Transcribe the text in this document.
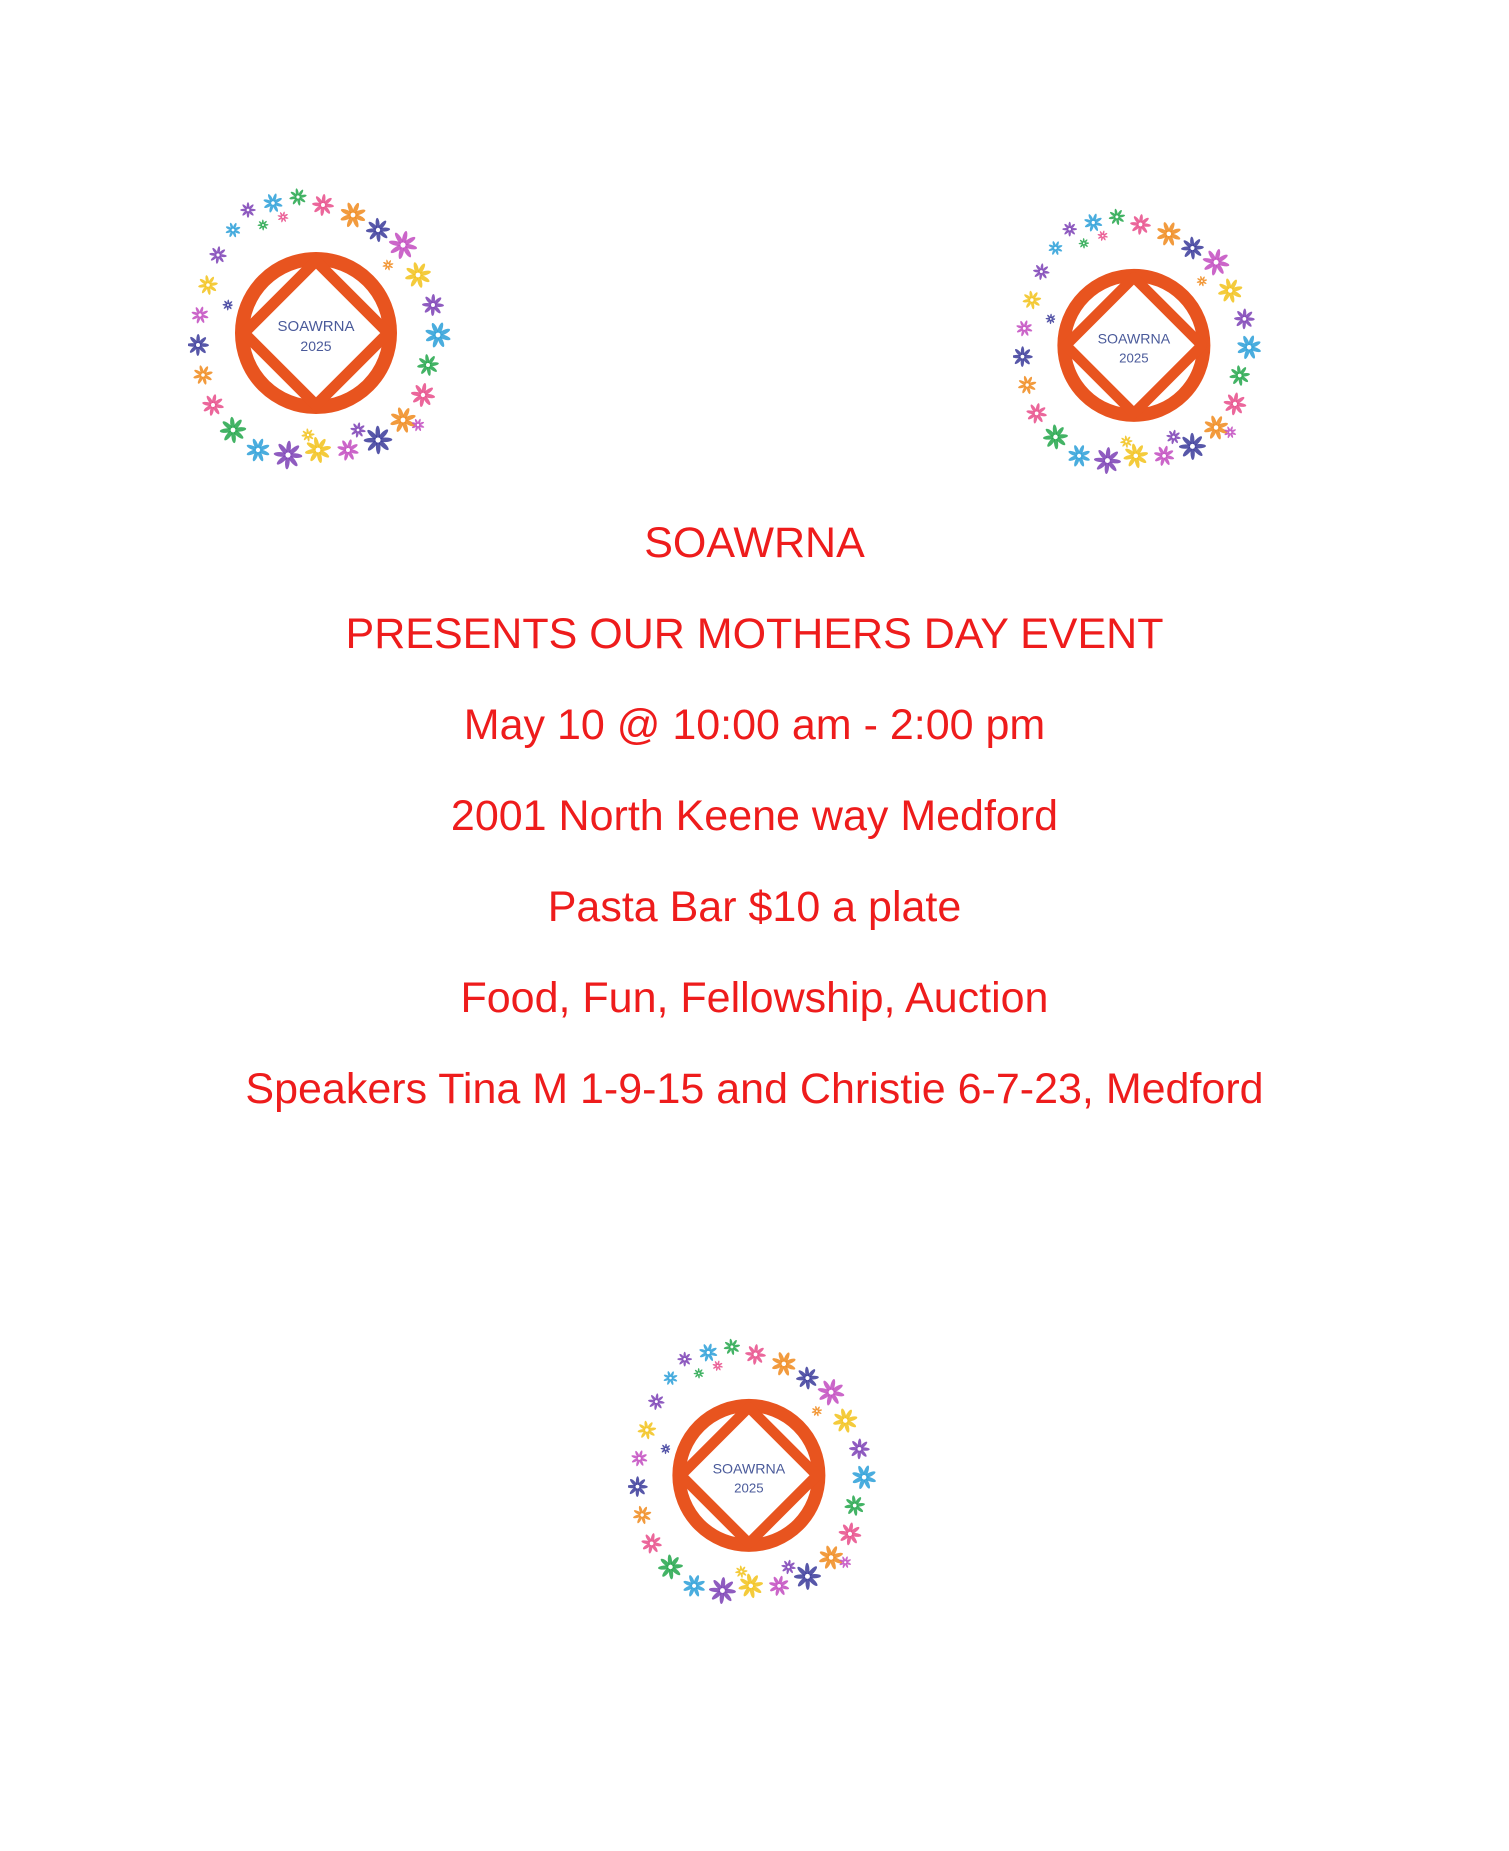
SOAWRNA
2025	SOAWRNA
2025
SOAWRNA
2025

SOAWRNA

PRESENTS OUR MOTHERS DAY EVENT

May 10 @ 10:00 am - 2:00 pm

2001 North Keene way Medford

Pasta Bar $10 a plate

Food, Fun, Fellowship, Auction

Speakers Tina M 1-9-15 and Christie 6-7-23, Medford
